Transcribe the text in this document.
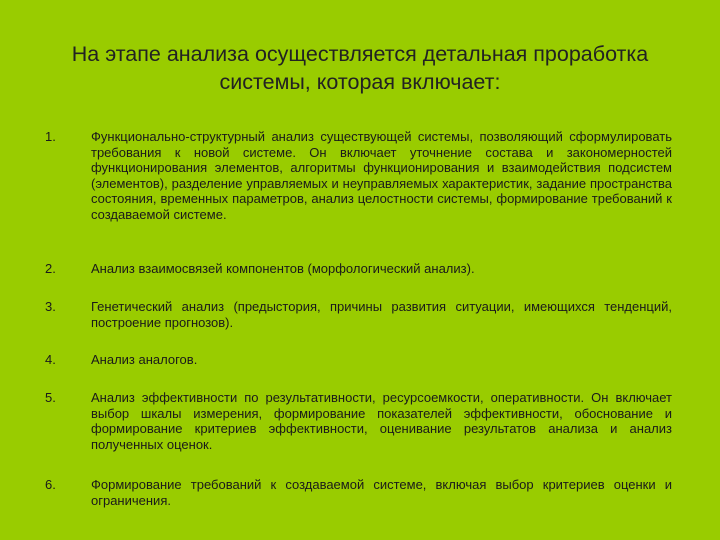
На этапе анализа осуществляется детальная проработка системы, которая включает:
1.	Функционально-структурный анализ существующей системы, позволяющий сформулировать требования к новой системе. Он включает уточнение состава и закономерностей функционирования элементов, алгоритмы функционирования и взаимодействия подсистем (элементов), разделение управляемых и неуправляемых характеристик, задание пространства состояния, временных параметров, анализ целостности системы, формирование требований к создаваемой системе.
2.	Анализ взаимосвязей компонентов (морфологический анализ).
3.	Генетический анализ (предыстория, причины развития ситуации, имеющихся тенденций, построение прогнозов).
4.	Анализ аналогов.
5.	Анализ эффективности по результативности, ресурсоемкости, оперативности. Он включает выбор шкалы измерения, формирование показателей эффективности, обоснование и формирование критериев эффективности, оценивание результатов анализа и анализ полученных оценок.
6.	Формирование требований к создаваемой системе, включая выбор критериев оценки и ограничения.
